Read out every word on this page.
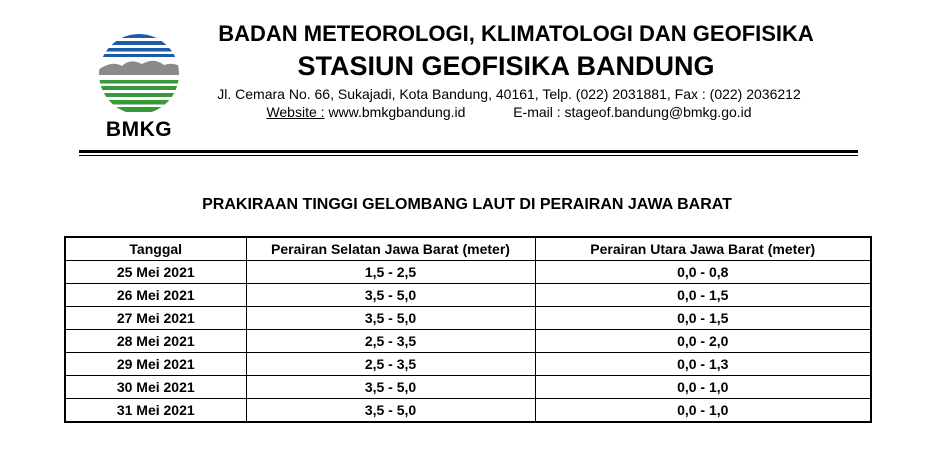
BMKG
BADAN METEOROLOGI, KLIMATOLOGI DAN GEOFISIKA
STASIUN GEOFISIKA BANDUNG
Jl. Cemara No. 66, Sukajadi, Kota Bandung, 40161, Telp. (022) 2031881, Fax : (022) 2036212
Website : www.bmkgbandung.id	E-mail : stageof.bandung@bmkg.go.id
PRAKIRAAN TINGGI GELOMBANG LAUT DI PERAIRAN JAWA BARAT
Tanggal	Perairan Selatan Jawa Barat (meter)	Perairan Utara Jawa Barat (meter)
25 Mei 2021	1,5 - 2,5	0,0 - 0,8
26 Mei 2021	3,5 - 5,0	0,0 - 1,5
27 Mei 2021	3,5 - 5,0	0,0 - 1,5
28 Mei 2021	2,5 - 3,5	0,0 - 2,0
29 Mei 2021	2,5 - 3,5	0,0 - 1,3
30 Mei 2021	3,5 - 5,0	0,0 - 1,0
31 Mei 2021	3,5 - 5,0	0,0 - 1,0
